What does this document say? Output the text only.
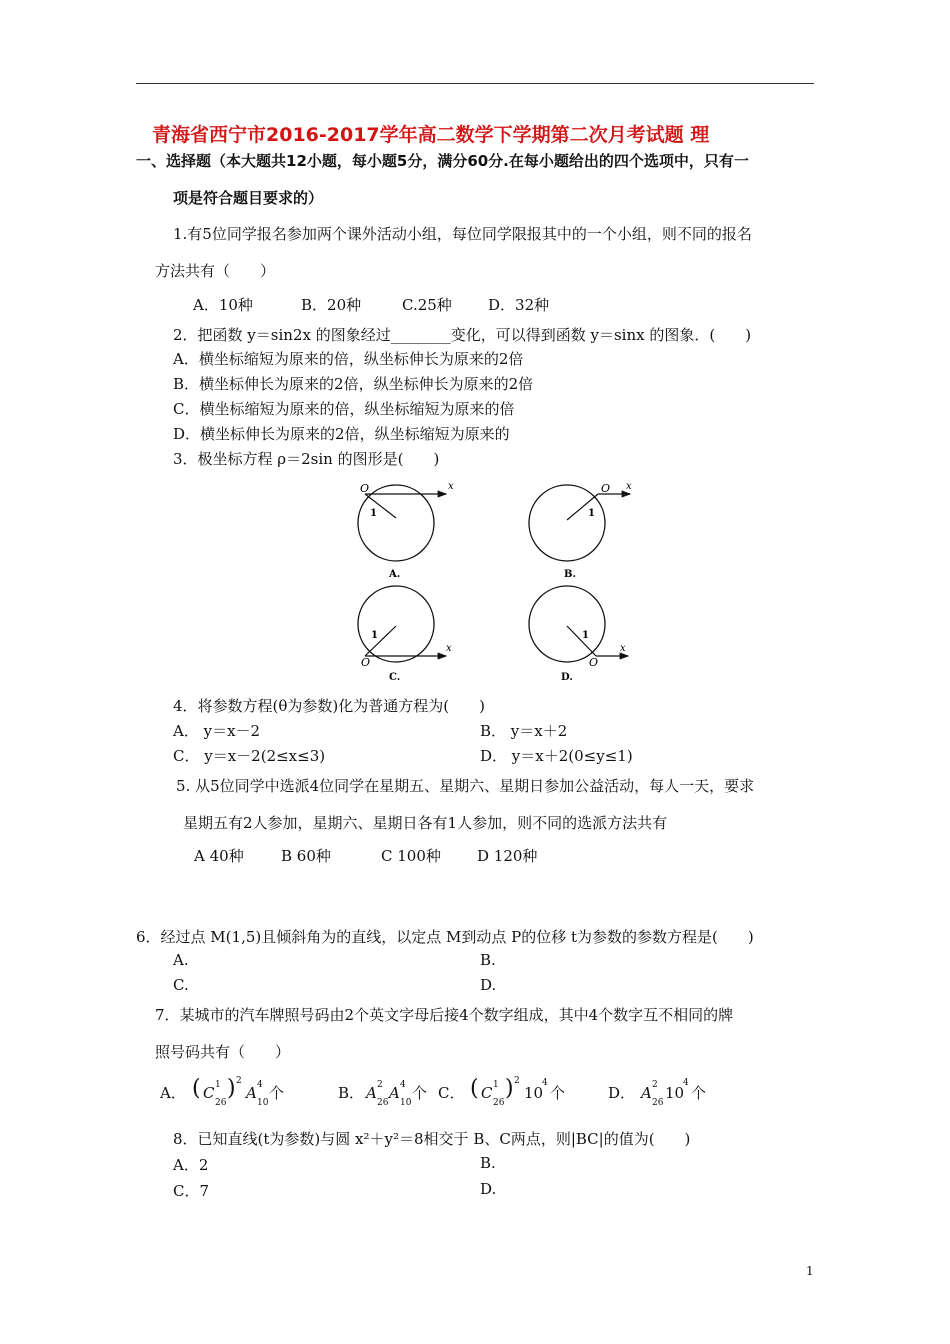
青海省西宁市2016-2017学年高二数学下学期第二次月考试题 理
一、选择题（本大题共12小题，每小题5分，满分60分.在每小题给出的四个选项中，只有一
项是符合题目要求的）
1.有5位同学报名参加两个课外活动小组，每位同学限报其中的一个小组，则不同的报名
方法共有（　　）
A．10种	B．20种	C.25种 D．32种
2．把函数 y＝sin2x 的图象经过________变化，可以得到函数 y＝sinx 的图象．(　　)
A．横坐标缩短为原来的倍，纵坐标伸长为原来的2倍
B．横坐标伸长为原来的2倍，纵坐标伸长为原来的2倍
C．横坐标缩短为原来的倍，纵坐标缩短为原来的倍
D．横坐标伸长为原来的2倍，纵坐标缩短为原来的
3．极坐标方程 ρ＝2sin 的图形是(　　)
O	x
1
A.
O x
1
B.
O
x
1
C.
O
x
1
D.
4．将参数方程(θ为参数)化为普通方程为(　　)
A． y＝x－2	B． y＝x＋2
C． y＝x－2(2≤x≤3)	D． y＝x＋2(0≤y≤1)
5. 从5位同学中选派4位同学在星期五、星期六、星期日参加公益活动，每人一天，要求
星期五有2人参加，星期六、星期日各有1人参加，则不同的选派方法共有
A 40种 B 60种	C 100种 D 120种
6．经过点 M(1,5)且倾斜角为的直线，以定点 M到动点 P的位移 t为参数的参数方程是(　　)
A.	B.
C.	D.
7．某城市的汽车牌照号码由2个英文字母后接4个数字组成，其中4个数字互不相同的牌
照号码共有（　　）
A． ( C 1
26
) 2
A 4
10
个	B． A 2
26
A 4
10
个 C． ( C 1
26
) 2
10
4
个	D． A 2
26
10
4
个
8．已知直线(t为参数)与圆 x²＋y²＝8相交于 B、C两点，则|BC|的值为(　　)
A．2	B.
C．7	D.
1
